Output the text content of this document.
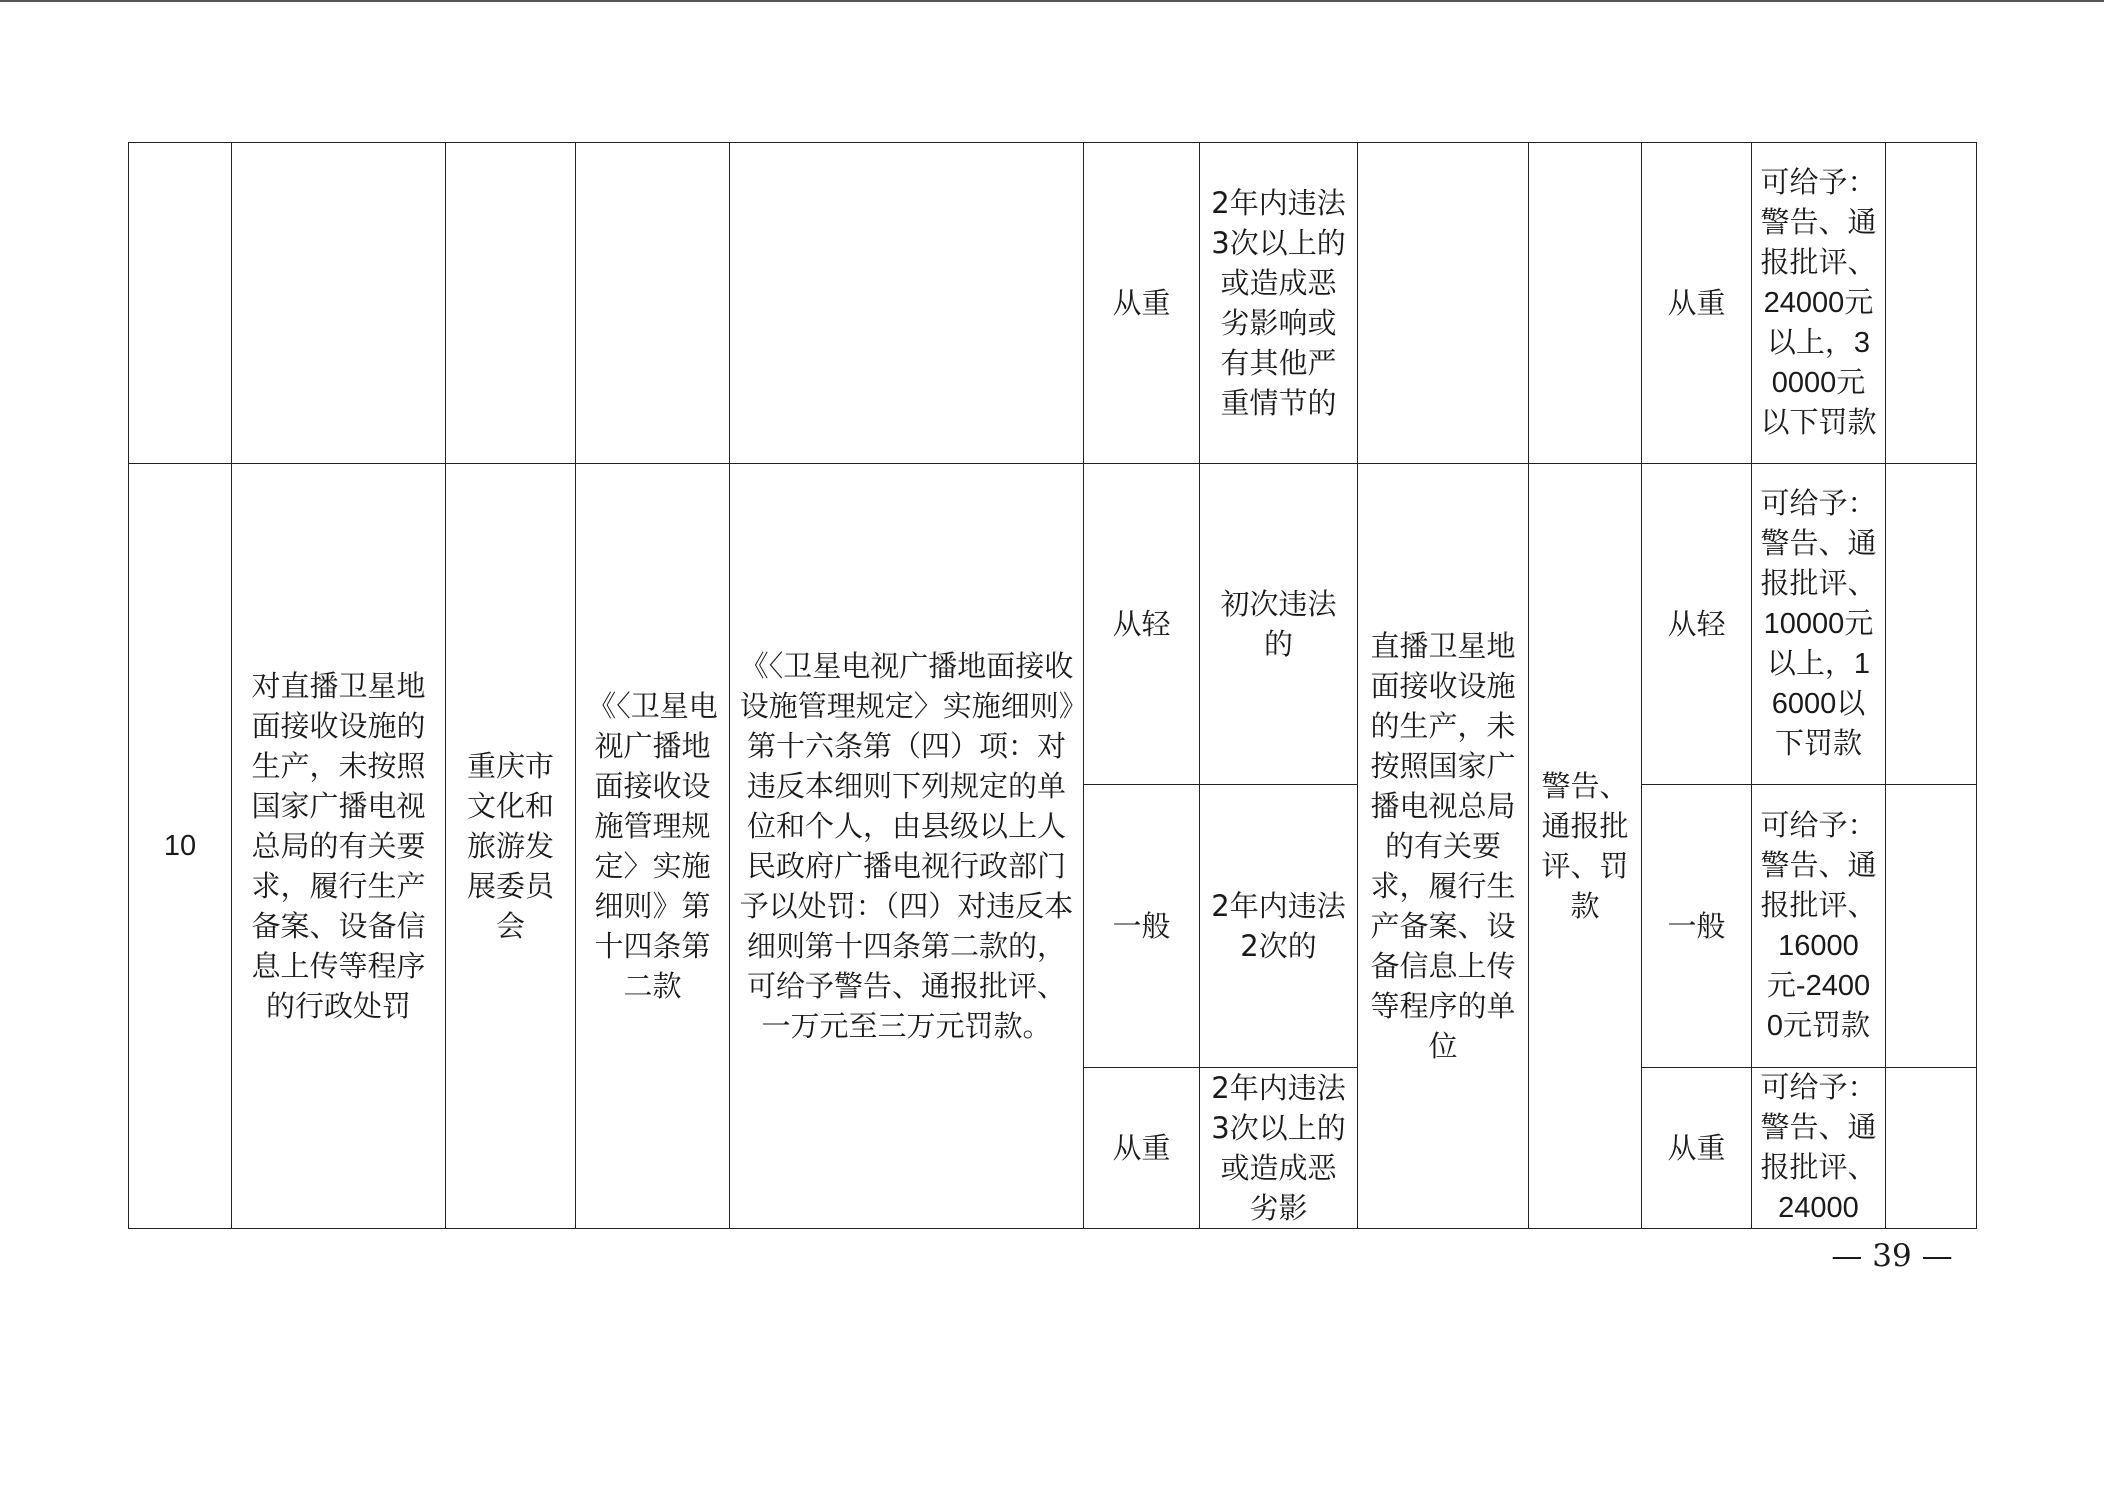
					从重	2年内违法3次以上的或造成恶劣影响或有其他严重情节的			从重	可给予：警告、通报批评、24000元以上，30000元以下罚款	
10	对直播卫星地面接收设施的生产，未按照国家广播电视总局的有关要求，履行生产备案、设备信息上传等程序的行政处罚	重庆市文化和旅游发展委员会	《〈卫星电视广播地面接收设施管理规定〉实施细则》第十四条第二款	《〈卫星电视广播地面接收设施管理规定〉实施细则》第十六条第（四）项：对违反本细则下列规定的单位和个人，由县级以上人民政府广播电视行政部门予以处罚：（四）对违反本细则第十四条第二款的，可给予警告、通报批评、一万元至三万元罚款。	从轻	初次违法的	直播卫星地面接收设施的生产，未按照国家广播电视总局的有关要求，履行生产备案、设备信息上传等程序的单位	警告、通报批评、罚款	从轻	可给予：警告、通报批评、10000元以上，16000以下罚款	
					一般	2年内违法2次的			一般	可给予：警告、通报批评、16000元-24000元罚款	
					从重	2年内违法3次以上的或造成恶劣影			从重	可给予：警告、通报批评、24000	
— 39 —
